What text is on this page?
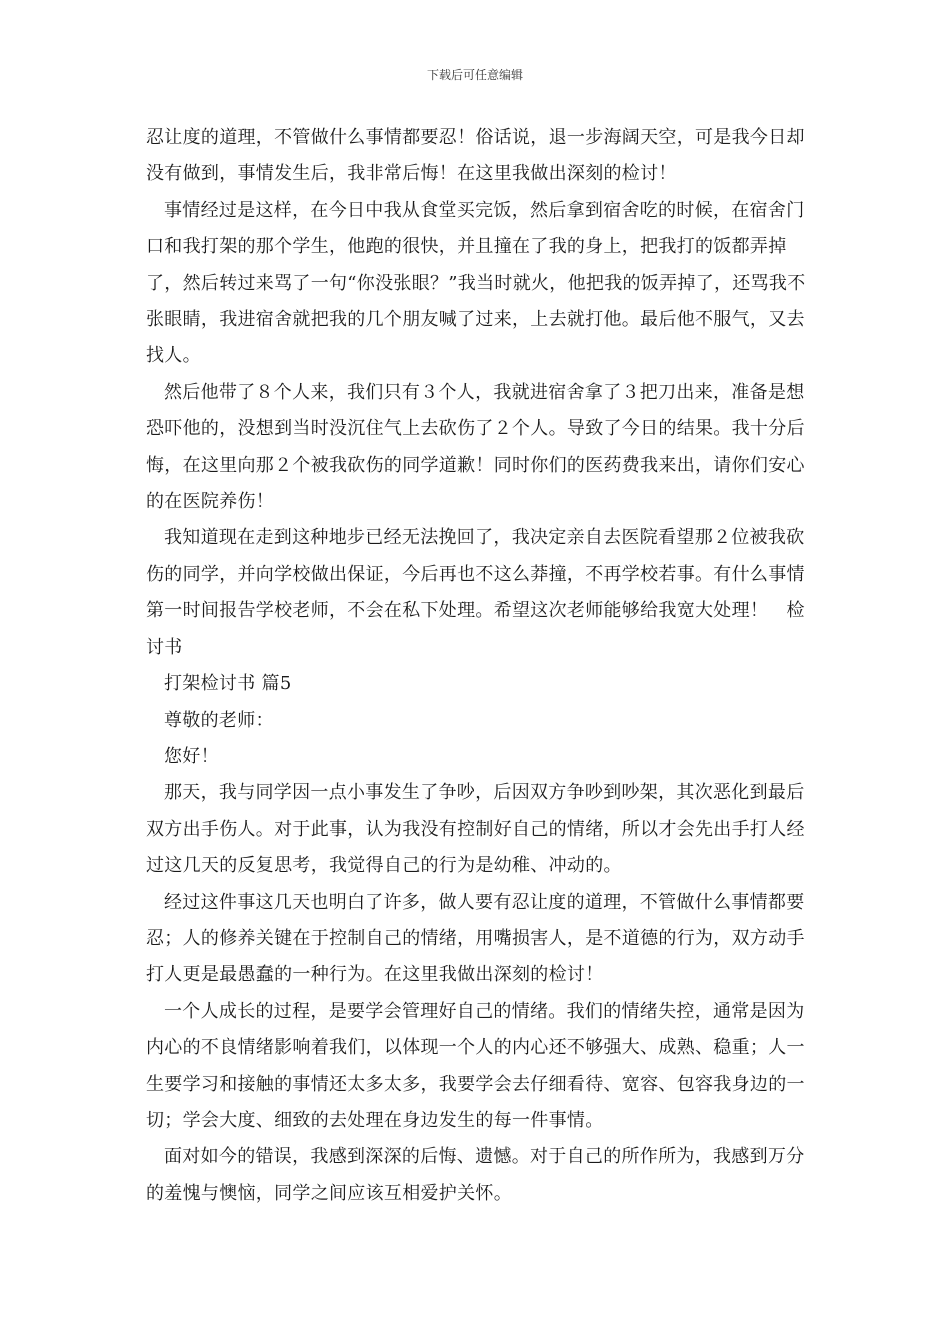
下载后可任意编辑

忍让度的道理，不管做什么事情都要忍！俗话说，退一步海阔天空，可是我今日却没有做到，事情发生后，我非常后悔！在这里我做出深刻的检讨！

事情经过是这样，在今日中我从食堂买完饭，然后拿到宿舍吃的时候，在宿舍门口和我打架的那个学生，他跑的很快，并且撞在了我的身上，把我打的饭都弄掉了，然后转过来骂了一句“你没张眼？”我当时就火，他把我的饭弄掉了，还骂我不张眼睛，我进宿舍就把我的几个朋友喊了过来，上去就打他。最后他不服气，又去找人。

然后他带了８个人来，我们只有３个人，我就进宿舍拿了３把刀出来，准备是想恐吓他的，没想到当时没沉住气上去砍伤了２个人。导致了今日的结果。我十分后悔，在这里向那２个被我砍伤的同学道歉！同时你们的医药费我来出，请你们安心的在医院养伤！

我知道现在走到这种地步已经无法挽回了，我决定亲自去医院看望那２位被我砍伤的同学，并向学校做出保证，今后再也不这么莽撞，不再学校若事。有什么事情第一时间报告学校老师，不会在私下处理。希望这次老师能够给我宽大处理！　检讨书

打架检讨书 篇5

尊敬的老师：

您好！

那天，我与同学因一点小事发生了争吵，后因双方争吵到吵架，其次恶化到最后双方出手伤人。对于此事，认为我没有控制好自己的情绪，所以才会先出手打人经过这几天的反复思考，我觉得自己的行为是幼稚、冲动的。

经过这件事这几天也明白了许多，做人要有忍让度的道理，不管做什么事情都要忍；人的修养关键在于控制自己的情绪，用嘴损害人，是不道德的行为，双方动手打人更是最愚蠢的一种行为。在这里我做出深刻的检讨！

一个人成长的过程，是要学会管理好自己的情绪。我们的情绪失控，通常是因为内心的不良情绪影响着我们，以体现一个人的内心还不够强大、成熟、稳重；人一生要学习和接触的事情还太多太多，我要学会去仔细看待、宽容、包容我身边的一切；学会大度、细致的去处理在身边发生的每一件事情。

面对如今的错误，我感到深深的后悔、遗憾。对于自己的所作所为，我感到万分的羞愧与懊恼，同学之间应该互相爱护关怀。
